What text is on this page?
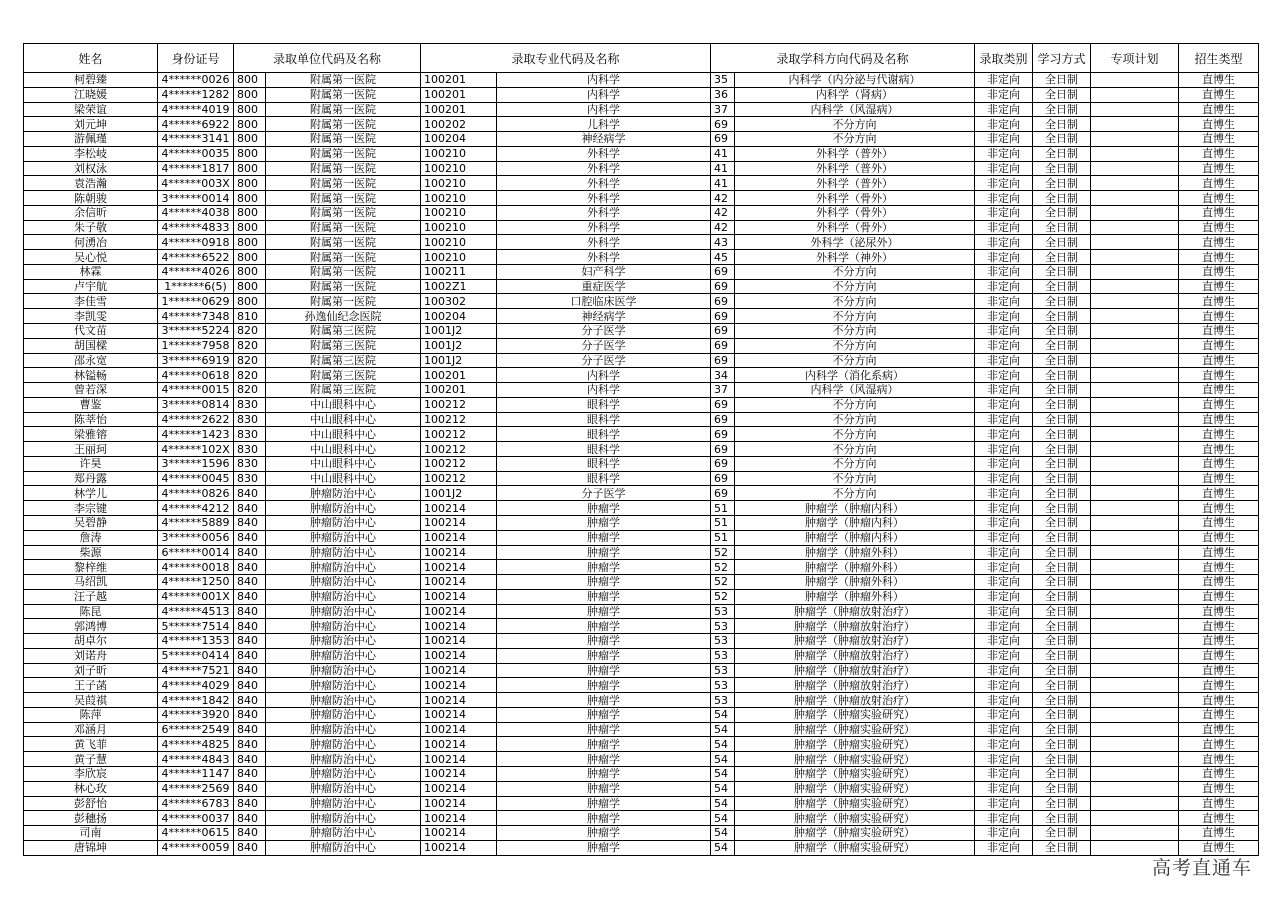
姓名	身份证号	录取单位代码及名称		录取专业代码及名称		录取学科方向代码及名称		录取类别	学习方式	专项计划	招生类型
柯碧臻	4******0026	800	附属第一医院	100201	内科学	35	内科学（内分泌与代谢病）	非定向	全日制		直博生
江晓媛	4******1282	800	附属第一医院	100201	内科学	36	内科学（肾病）	非定向	全日制		直博生
梁荣谊	4******4019	800	附属第一医院	100201	内科学	37	内科学（风湿病）	非定向	全日制		直博生
刘元坤	4******6922	800	附属第一医院	100202	儿科学	69	不分方向	非定向	全日制		直博生
游佩瑾	4******3141	800	附属第一医院	100204	神经病学	69	不分方向	非定向	全日制		直博生
李松岐	4******0035	800	附属第一医院	100210	外科学	41	外科学（普外）	非定向	全日制		直博生
刘权泳	4******1817	800	附属第一医院	100210	外科学	41	外科学（普外）	非定向	全日制		直博生
袁浩瀚	4******003X	800	附属第一医院	100210	外科学	41	外科学（普外）	非定向	全日制		直博生
陈朝骏	3******0014	800	附属第一医院	100210	外科学	42	外科学（骨外）	非定向	全日制		直博生
余信昕	4******4038	800	附属第一医院	100210	外科学	42	外科学（骨外）	非定向	全日制		直博生
朱子敬	4******4833	800	附属第一医院	100210	外科学	42	外科学（骨外）	非定向	全日制		直博生
何湧冶	4******0918	800	附属第一医院	100210	外科学	43	外科学（泌尿外）	非定向	全日制		直博生
吴心悦	4******6522	800	附属第一医院	100210	外科学	45	外科学（神外）	非定向	全日制		直博生
林霖	4******4026	800	附属第一医院	100211	妇产科学	69	不分方向	非定向	全日制		直博生
卢宇航	1******6(5)	800	附属第一医院	1002Z1	重症医学	69	不分方向	非定向	全日制		直博生
李佳雪	1******0629	800	附属第一医院	100302	口腔临床医学	69	不分方向	非定向	全日制		直博生
李凯雯	4******7348	810	孙逸仙纪念医院	100204	神经病学	69	不分方向	非定向	全日制		直博生
代文苗	3******5224	820	附属第三医院	1001J2	分子医学	69	不分方向	非定向	全日制		直博生
胡国樑	1******7958	820	附属第三医院	1001J2	分子医学	69	不分方向	非定向	全日制		直博生
邵永宽	3******6919	820	附属第三医院	1001J2	分子医学	69	不分方向	非定向	全日制		直博生
林镒畅	4******0618	820	附属第三医院	100201	内科学	34	内科学（消化系病）	非定向	全日制		直博生
曾若深	4******0015	820	附属第三医院	100201	内科学	37	内科学（风湿病）	非定向	全日制		直博生
曹鉴	3******0814	830	中山眼科中心	100212	眼科学	69	不分方向	非定向	全日制		直博生
陈莘怡	4******2622	830	中山眼科中心	100212	眼科学	69	不分方向	非定向	全日制		直博生
梁雅镕	4******1423	830	中山眼科中心	100212	眼科学	69	不分方向	非定向	全日制		直博生
王丽珂	4******102X	830	中山眼科中心	100212	眼科学	69	不分方向	非定向	全日制		直博生
许昊	3******1596	830	中山眼科中心	100212	眼科学	69	不分方向	非定向	全日制		直博生
郑丹露	4******0045	830	中山眼科中心	100212	眼科学	69	不分方向	非定向	全日制		直博生
林学儿	4******0826	840	肿瘤防治中心	1001J2	分子医学	69	不分方向	非定向	全日制		直博生
李宗键	4******4212	840	肿瘤防治中心	100214	肿瘤学	51	肿瘤学（肿瘤内科）	非定向	全日制		直博生
吴碧静	4******5889	840	肿瘤防治中心	100214	肿瘤学	51	肿瘤学（肿瘤内科）	非定向	全日制		直博生
詹涛	3******0056	840	肿瘤防治中心	100214	肿瘤学	51	肿瘤学（肿瘤内科）	非定向	全日制		直博生
柴源	6******0014	840	肿瘤防治中心	100214	肿瘤学	52	肿瘤学（肿瘤外科）	非定向	全日制		直博生
黎梓维	4******0018	840	肿瘤防治中心	100214	肿瘤学	52	肿瘤学（肿瘤外科）	非定向	全日制		直博生
马绍凯	4******1250	840	肿瘤防治中心	100214	肿瘤学	52	肿瘤学（肿瘤外科）	非定向	全日制		直博生
汪子越	4******001X	840	肿瘤防治中心	100214	肿瘤学	52	肿瘤学（肿瘤外科）	非定向	全日制		直博生
陈昆	4******4513	840	肿瘤防治中心	100214	肿瘤学	53	肿瘤学（肿瘤放射治疗）	非定向	全日制		直博生
郭鸿博	5******7514	840	肿瘤防治中心	100214	肿瘤学	53	肿瘤学（肿瘤放射治疗）	非定向	全日制		直博生
胡卓尔	4******1353	840	肿瘤防治中心	100214	肿瘤学	53	肿瘤学（肿瘤放射治疗）	非定向	全日制		直博生
刘诺舟	5******0414	840	肿瘤防治中心	100214	肿瘤学	53	肿瘤学（肿瘤放射治疗）	非定向	全日制		直博生
刘子昕	4******7521	840	肿瘤防治中心	100214	肿瘤学	53	肿瘤学（肿瘤放射治疗）	非定向	全日制		直博生
王子菡	4******4029	840	肿瘤防治中心	100214	肿瘤学	53	肿瘤学（肿瘤放射治疗）	非定向	全日制		直博生
吴葭祺	4******1842	840	肿瘤防治中心	100214	肿瘤学	53	肿瘤学（肿瘤放射治疗）	非定向	全日制		直博生
陈萍	4******3920	840	肿瘤防治中心	100214	肿瘤学	54	肿瘤学（肿瘤实验研究）	非定向	全日制		直博生
邓涵月	6******2549	840	肿瘤防治中心	100214	肿瘤学	54	肿瘤学（肿瘤实验研究）	非定向	全日制		直博生
黄飞菲	4******4825	840	肿瘤防治中心	100214	肿瘤学	54	肿瘤学（肿瘤实验研究）	非定向	全日制		直博生
黄子慧	4******4843	840	肿瘤防治中心	100214	肿瘤学	54	肿瘤学（肿瘤实验研究）	非定向	全日制		直博生
李欣宸	4******1147	840	肿瘤防治中心	100214	肿瘤学	54	肿瘤学（肿瘤实验研究）	非定向	全日制		直博生
林心玫	4******2569	840	肿瘤防治中心	100214	肿瘤学	54	肿瘤学（肿瘤实验研究）	非定向	全日制		直博生
彭舒怡	4******6783	840	肿瘤防治中心	100214	肿瘤学	54	肿瘤学（肿瘤实验研究）	非定向	全日制		直博生
彭穗扬	4******0037	840	肿瘤防治中心	100214	肿瘤学	54	肿瘤学（肿瘤实验研究）	非定向	全日制		直博生
司南	4******0615	840	肿瘤防治中心	100214	肿瘤学	54	肿瘤学（肿瘤实验研究）	非定向	全日制		直博生
唐锦坤	4******0059	840	肿瘤防治中心	100214	肿瘤学	54	肿瘤学（肿瘤实验研究）	非定向	全日制		直博生
高考直通车
